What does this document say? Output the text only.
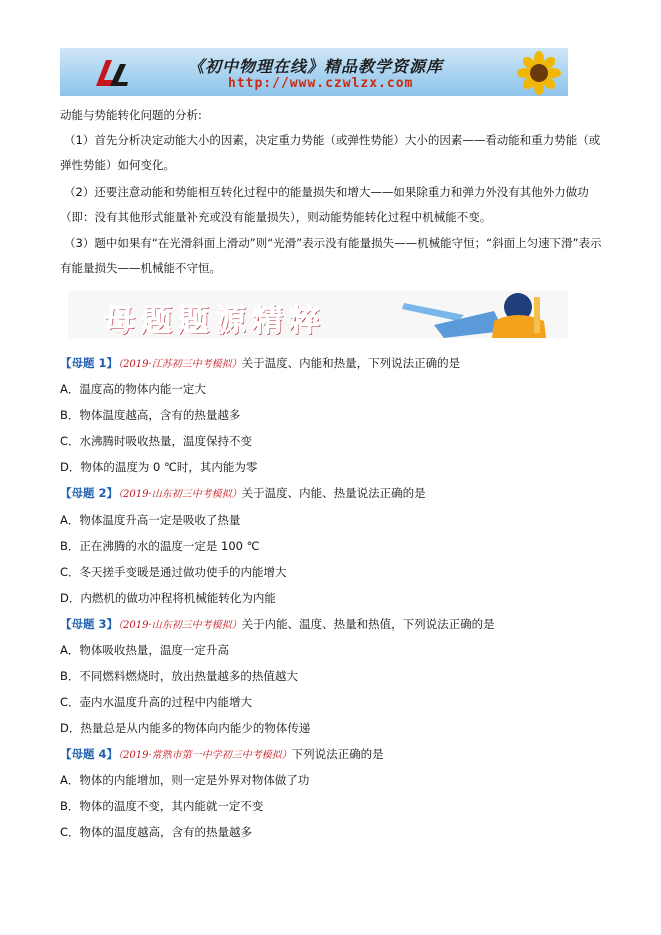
《初中物理在线》精品教学资源库
http://www.czwlzx.com
动能与势能转化问题的分析:
（1）首先分析决定动能大小的因素，决定重力势能（或弹性势能）大小的因素——看动能和重力势能（或
弹性势能）如何变化。
（2）还要注意动能和势能相互转化过程中的能量损失和增大——如果除重力和弹力外没有其他外力做功
（即：没有其他形式能量补充或没有能量损失），则动能势能转化过程中机械能不变。
（3）题中如果有“在光滑斜面上滑动”则“光滑”表示没有能量损失——机械能守恒；“斜面上匀速下滑”表示
有能量损失——机械能不守恒。
母题题源精粹
【母题 1】（2019·江苏初三中考模拟）关于温度、内能和热量，下列说法正确的是
A．温度高的物体内能一定大
B．物体温度越高，含有的热量越多
C．水沸腾时吸收热量，温度保持不变
D．物体的温度为 0 ℃时，其内能为零
【母题 2】（2019·山东初三中考模拟）关于温度、内能、热量说法正确的是
A．物体温度升高一定是吸收了热量
B．正在沸腾的水的温度一定是 100 ℃
C．冬天搓手变暖是通过做功使手的内能增大
D．内燃机的做功冲程将机械能转化为内能
【母题 3】（2019·山东初三中考模拟）关于内能、温度、热量和热值，下列说法正确的是
A．物体吸收热量，温度一定升高
B．不同燃料燃烧时，放出热量越多的热值越大
C．壶内水温度升高的过程中内能增大
D．热量总是从内能多的物体向内能少的物体传递
【母题 4】（2019·常熟市第一中学初三中考模拟）下列说法正确的是
A．物体的内能增加，则一定是外界对物体做了功
B．物体的温度不变，其内能就一定不变
C．物体的温度越高，含有的热量越多
